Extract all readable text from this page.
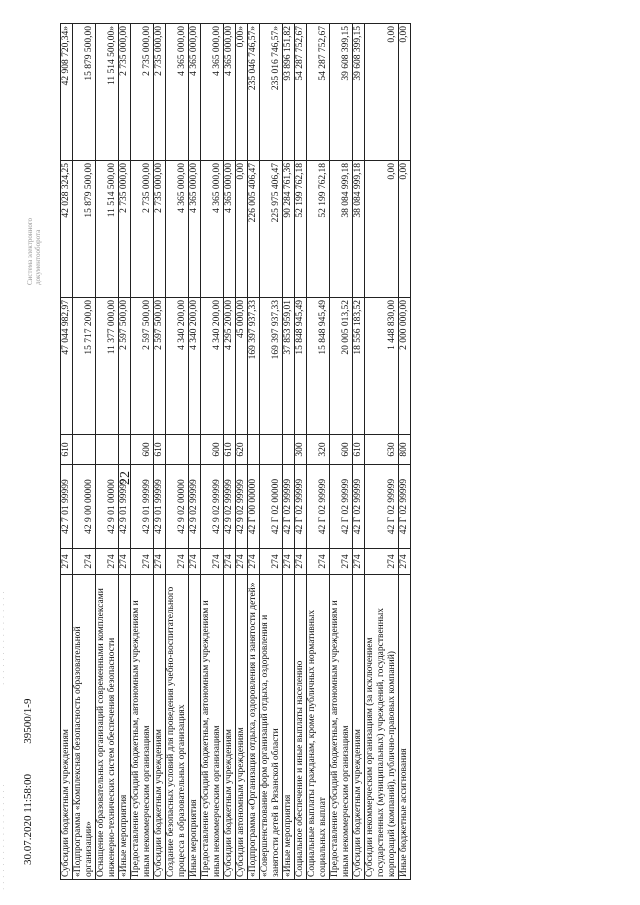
22
Субсидии бюджетным учреждениям	274	42 7 01 99999	610	47 044 982,97	42 028 324,25	42 908 720,34»
«Подпрограмма «Комплексная безопасность образовательной организации»	274	42 9 00 00000		15 717 200,00	15 879 500,00	15 879 500,00
Оснащение образовательных организаций современными комплексами инженерно-технических систем обеспечения безопасности	274	42 9 01 00000		11 377 000,00	11 514 500,00	11 514 500,00»
«Иные мероприятия	274	42 9 01 99999		2 597 500,00	2 735 000,00	2 735 000,00
Предоставление субсидий бюджетным, автономным учреждениям и иным некоммерческим организациям	274	42 9 01 99999	600	2 597 500,00	2 735 000,00	2 735 000,00
Субсидии бюджетным учреждениям	274	42 9 01 99999	610	2 597 500,00	2 735 000,00	2 735 000,00
Создание безопасных условий для проведения учебно-воспитательного процесса в образовательных организациях	274	42 9 02 00000		4 340 200,00	4 365 000,00	4 365 000,00
Иные мероприятия	274	42 9 02 99999		4 340 200,00	4 365 000,00	4 365 000,00
Предоставление субсидий бюджетным, автономным учреждениям и иным некоммерческим организациям	274	42 9 02 99999	600	4 340 200,00	4 365 000,00	4 365 000,00
Субсидии бюджетным учреждениям	274	42 9 02 99999	610	4 295 200,00	4 365 000,00	4 365 000,00
Субсидии автономным учреждениям	274	42 9 02 99999	620	45 000,00	0,00	0,00»
«Подпрограмма «Организация отдыха, оздоровления и занятости детей»	274	42 Г 00 00000		169 397 937,33	226 005 406,47	235 046 746,57»
«Совершенствование форм организаций отдыха, оздоровления и занятости детей в Рязанской области	274	42 Г 02 00000		169 397 937,33	225 975 406,47	235 016 746,57»
«Иные мероприятия	274	42 Г 02 99999		37 853 959,01	90 284 761,36	93 896 151,82
Социальное обеспечение и иные выплаты населению	274	42 Г 02 99999	300	15 848 945,49	52 199 762,18	54 287 752,67
Социальные выплаты гражданам, кроме публичных нормативных социальных выплат	274	42 Г 02 99999	320	15 848 945,49	52 199 762,18	54 287 752,67
Предоставление субсидий бюджетным, автономным учреждениям и иным некоммерческим организациям	274	42 Г 02 99999	600	20 005 013,52	38 084 999,18	39 608 399,15
Субсидии бюджетным учреждениям	274	42 Г 02 99999	610	18 556 183,52	38 084 999,18	39 608 399,15
Субсидии некоммерческим организациям (за исключением государственных (муниципальных) учреждений, государственных корпораций (компаний), публично-правовых компаний)	274	42 Г 02 99999	630	1 448 830,00	0,00	0,00
Иные бюджетные ассигнования	274	42 Г 02 99999	800	2 000 000,00	0,00	0,00
· · · · · · · · · · · · · · · · · ·
· · · · · · · · · · · · · · · ·
30.07.2020 11:58:00           39500/1-9
Система электронного
документооборота
